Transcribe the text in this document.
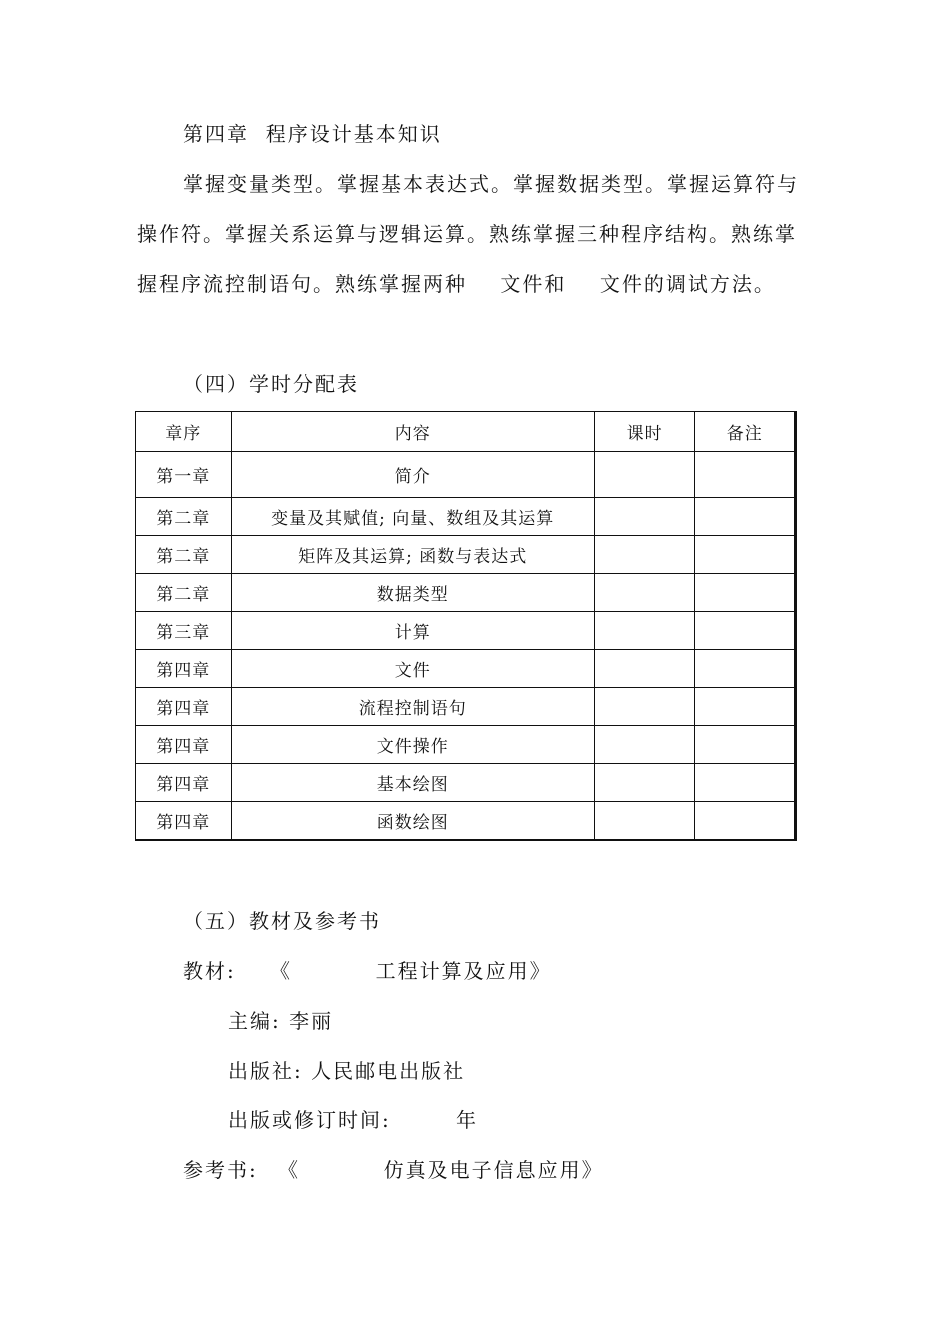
第四章  程序设计基本知识
掌握变量类型。掌握基本表达式。掌握数据类型。掌握运算符与
操作符。掌握关系运算与逻辑运算。熟练掌握三种程序结构。熟练掌
握程序流控制语句。熟练掌握两种    文件和    文件的调试方法。
（四）学时分配表
章序	内容	课时	备注
第一章	简介		
第二章	变量及其赋值; 向量、数组及其运算		
第二章	矩阵及其运算; 函数与表达式		
第二章	数据类型		
第三章	计算		
第四章	文件		
第四章	流程控制语句		
第四章	文件操作		
第四章	基本绘图		
第四章	函数绘图		
（五）教材及参考书
教材: 《          工程计算及应用》
主编: 李丽
出版社: 人民邮电出版社
出版或修订时间:	年
参考书: 《          仿真及电子信息应用》
